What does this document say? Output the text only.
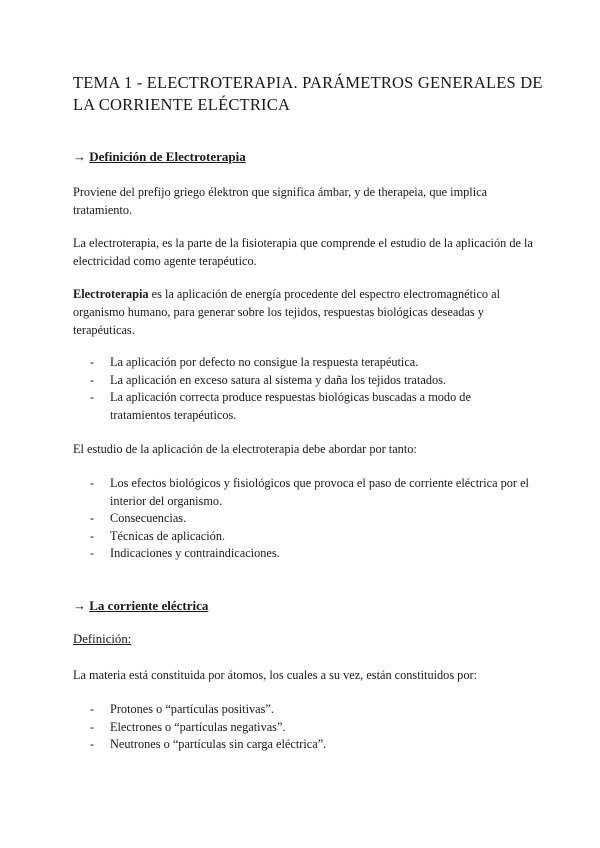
TEMA 1 - ELECTROTERAPIA. PARÁMETROS GENERALES DE LA CORRIENTE ELÉCTRICA
→ Definición de Electroterapia

Proviene del prefijo griego élektron que significa ámbar, y de therapeia, que implica tratamiento.

La electroterapia, es la parte de la fisioterapia que comprende el estudio de la aplicación de la electricidad como agente terapéutico.

Electroterapia es la aplicación de energía procedente del espectro electromagnético al organismo humano, para generar sobre los tejidos, respuestas biológicas deseadas y terapéuticas.

- La aplicación por defecto no consigue la respuesta terapéutica.
- La aplicación en exceso satura al sistema y daña los tejidos tratados.
- La aplicación correcta produce respuestas biológicas buscadas a modo de tratamientos terapéuticos.

El estudio de la aplicación de la electroterapia debe abordar por tanto:

- Los efectos biológicos y fisiológicos que provoca el paso de corriente eléctrica por el interior del organismo.
- Consecuencias.
- Técnicas de aplicación.
- Indicaciones y contraindicaciones.
→ La corriente eléctrica
Definición:

La materia está constituida por átomos, los cuales a su vez, están constituidos por:

- Protones o “partículas positivas”.
- Electrones o “partículas negativas”.
- Neutrones o “partículas sin carga eléctrica”.
